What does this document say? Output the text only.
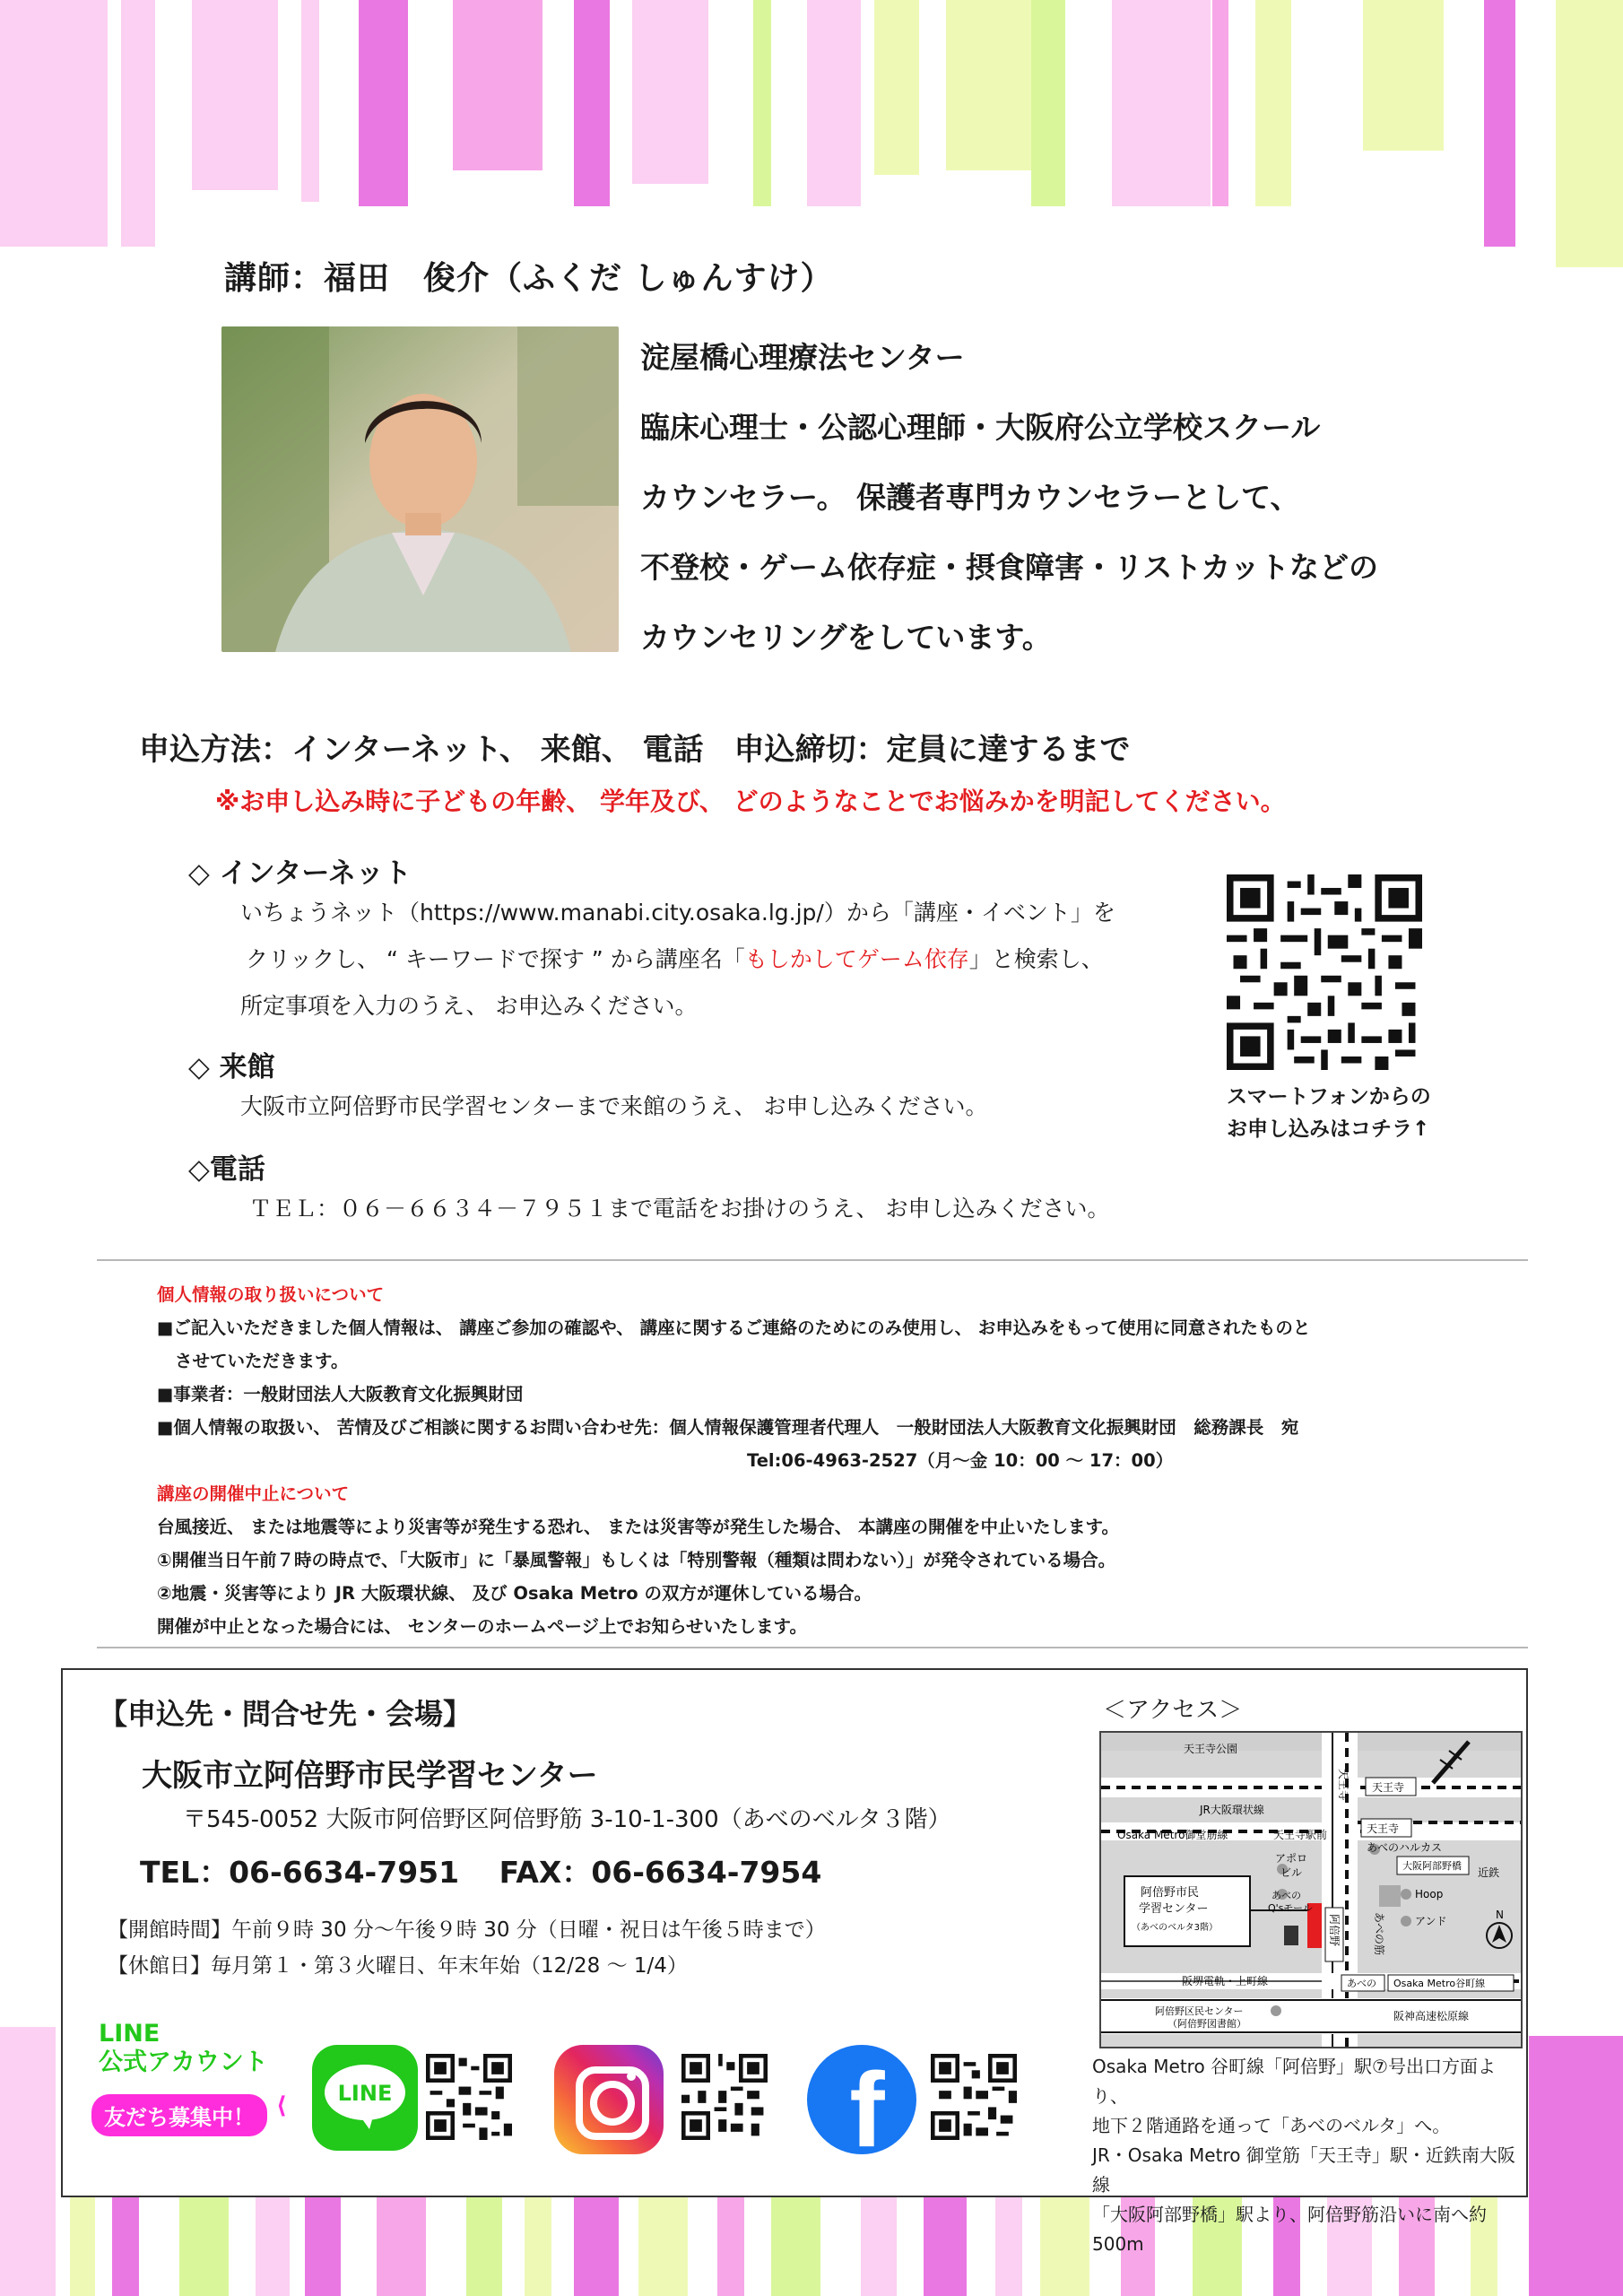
講師：福田　俊介（ふくだ しゅんすけ）
淀屋橋心理療法センター
臨床心理士・公認心理師・大阪府公立学校スクール
カウンセラー。 保護者専門カウンセラーとして、
不登校・ゲーム依存症・摂食障害・リストカットなどの
カウンセリングをしています。
申込方法：インターネット、 来館、 電話　申込締切：定員に達するまで
※お申し込み時に子どもの年齢、 学年及び、 どのようなことでお悩みかを明記してください。
◇ インターネット
いちょうネット（https://www.manabi.city.osaka.lg.jp/）から「講座・イベント」を
クリックし、 “ キーワードで探す ” から講座名「もしかしてゲーム依存」と検索し、
所定事項を入力のうえ、 お申込みください。
◇ 来館
大阪市立阿倍野市民学習センターまで来館のうえ、 お申し込みください。
◇電話
ＴＥＬ：０６－６６３４－７９５１まで電話をお掛けのうえ、 お申し込みください。
スマートフォンからの
お申し込みはコチラ↑
個人情報の取り扱いについて
■ご記入いただきました個人情報は、 講座ご参加の確認や、 講座に関するご連絡のためにのみ使用し、 お申込みをもって使用に同意されたものと
させていただきます。
■事業者：一般財団法人大阪教育文化振興財団
■個人情報の取扱い、 苦情及びご相談に関するお問い合わせ先：個人情報保護管理者代理人　一般財団法人大阪教育文化振興財団　総務課長　宛
Tel:06-4963-2527（月～金 10：00 ～ 17：00）
講座の開催中止について
台風接近、 または地震等により災害等が発生する恐れ、 または災害等が発生した場合、 本講座の開催を中止いたします。
①開催当日午前７時の時点で、「大阪市」に「暴風警報」もしくは「特別警報（種類は問わない）」が発令されている場合。
②地震・災害等により JR 大阪環状線、 及び Osaka Metro の双方が運休している場合。
開催が中止となった場合には、 センターのホームページ上でお知らせいたします。
【申込先・問合せ先・会場】
大阪市立阿倍野市民学習センター
〒545-0052 大阪市阿倍野区阿倍野筋 3-10-1-300（あべのベルタ３階）
TEL：06-6634-7951　 FAX：06-6634-7954
【開館時間】午前９時 30 分～午後９時 30 分（日曜・祝日は午後５時まで）
【休館日】毎月第１・第３火曜日、年末年始（12/28 ～ 1/4）
LINE
公式アカウント
友だち募集中！ ⟨	LINE	f
＜アクセス＞
天王寺公園
JR大阪環状線
天王寺 天王寺
天王寺駅前	天王寺
Osaka Metro御堂筋線
あべのハルカス
大阪阿部野橋
近鉄
アポロ
ビル
あべの
Q'sモール
阿倍野市民
学習センター
（あべのベルタ3階）	あべの筋
阿倍野
Hoop
アンド
阪堺電軌・上町線	あべの Osaka Metro谷町線
阿倍野区民センター
（阿倍野図書館）
阪神高速松原線
N
Osaka Metro 谷町線「阿倍野」駅⑦号出口方面より、
地下２階通路を通って「あべのベルタ」へ。
JR・Osaka Metro 御堂筋「天王寺」駅・近鉄南大阪線
「大阪阿部野橋」駅より、阿倍野筋沿いに南へ約 500m
